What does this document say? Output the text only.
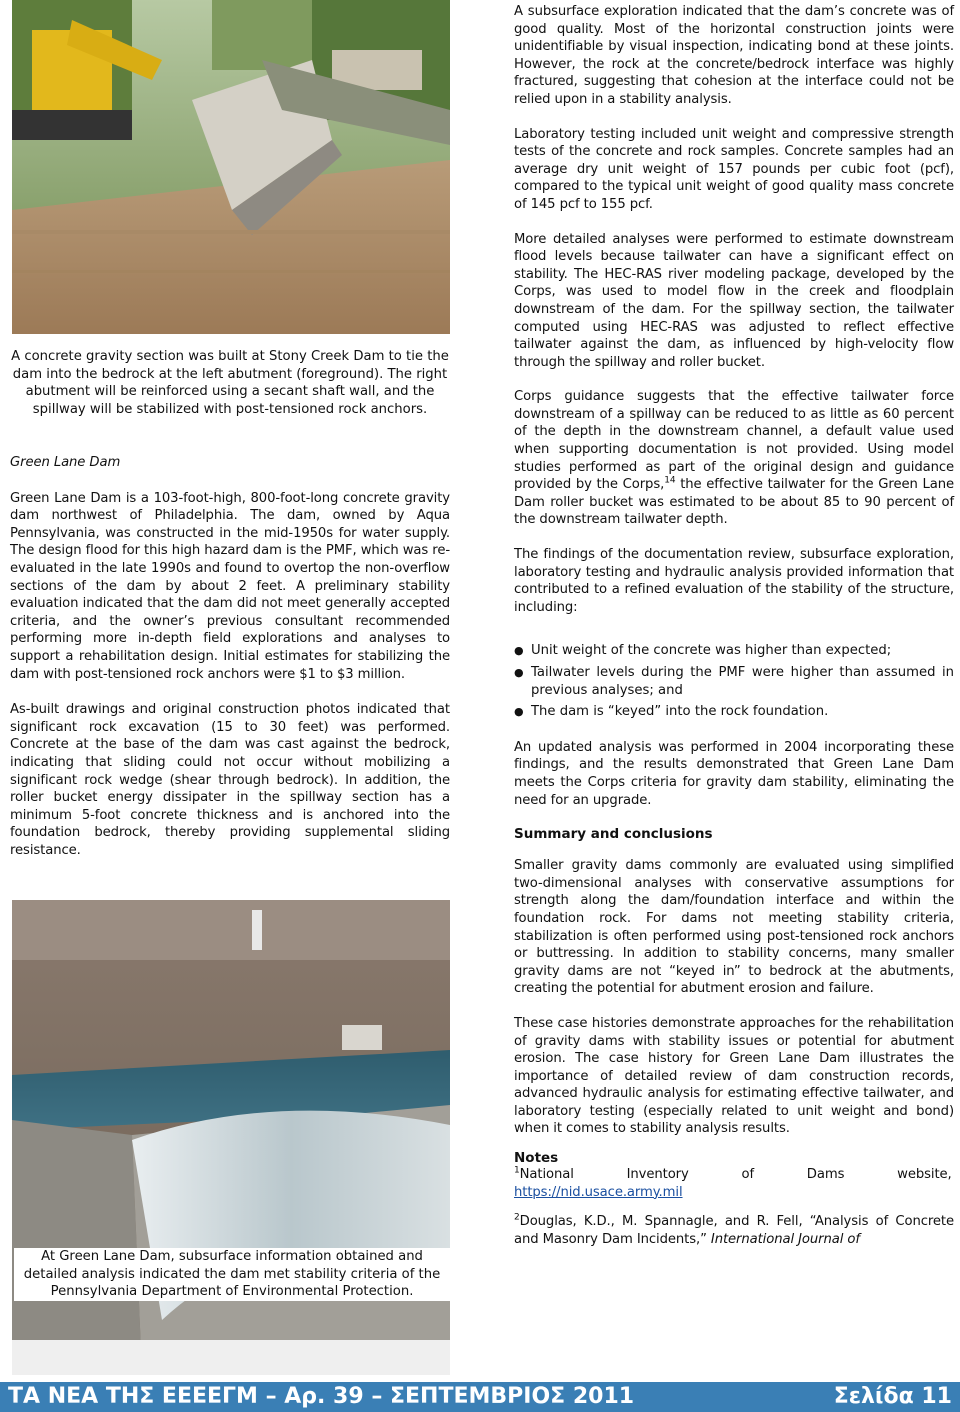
A concrete gravity section was built at Stony Creek Dam to tie the dam into the bedrock at the left abutment (foreground). The right abutment will be reinforced using a secant shaft wall, and the spillway will be stabilized with post-tensioned rock anchors.

Green Lane Dam

Green Lane Dam is a 103-foot-high, 800-foot-long concrete gravity dam northwest of Philadelphia. The dam, owned by Aqua Pennsylvania, was constructed in the mid-1950s for water supply. The design flood for this high hazard dam is the PMF, which was re-evaluated in the late 1990s and found to overtop the non-overflow sections of the dam by about 2 feet. A preliminary stability evaluation indicated that the dam did not meet generally accepted criteria, and the owner’s previous consultant recommended performing more in-depth field explorations and analyses to support a rehabilitation design. Initial estimates for stabilizing the dam with post-tensioned rock anchors were $1 to $3 million.

As-built drawings and original construction photos indicated that significant rock excavation (15 to 30 feet) was performed. Concrete at the base of the dam was cast against the bedrock, indicating that sliding could not occur without mobilizing a significant rock wedge (shear through bedrock). In addition, the roller bucket energy dissipater in the spillway section has a minimum 5-foot concrete thickness and is anchored into the foundation bedrock, thereby providing supplemental sliding resistance.

At Green Lane Dam, subsurface information obtained and detailed analysis indicated the dam met stability criteria of the Pennsylvania Department of Environmental Protection.

A subsurface exploration indicated that the dam’s concrete was of good quality. Most of the horizontal construction joints were unidentifiable by visual inspection, indicating bond at these joints. However, the rock at the concrete/bedrock interface was highly fractured, suggesting that cohesion at the interface could not be relied upon in a stability analysis.

Laboratory testing included unit weight and compressive strength tests of the concrete and rock samples. Concrete samples had an average dry unit weight of 157 pounds per cubic foot (pcf), compared to the typical unit weight of good quality mass concrete of 145 pcf to 155 pcf.

More detailed analyses were performed to estimate downstream flood levels because tailwater can have a significant effect on stability. The HEC-RAS river modeling package, developed by the Corps, was used to model flow in the creek and floodplain downstream of the dam. For the spillway section, the tailwater computed using HEC-RAS was adjusted to reflect effective tailwater against the dam, as influenced by high-velocity flow through the spillway and roller bucket.

Corps guidance suggests that the effective tailwater force downstream of a spillway can be reduced to as little as 60 percent of the depth in the downstream channel, a default value used when supporting documentation is not provided. Using model studies performed as part of the original design and guidance provided by the Corps,$^{14}$ the effective tailwater for the Green Lane Dam roller bucket was estimated to be about 85 to 90 percent of the downstream tailwater depth.

The findings of the documentation review, subsurface exploration, laboratory testing and hydraulic analysis provided information that contributed to a refined evaluation of the stability of the structure, including:

● Unit weight of the concrete was higher than expected;
● Tailwater levels during the PMF were higher than assumed in previous analyses; and
● The dam is “keyed” into the rock foundation.

An updated analysis was performed in 2004 incorporating these findings, and the results demonstrated that Green Lane Dam meets the Corps criteria for gravity dam stability, eliminating the need for an upgrade.

Summary and conclusions

Smaller gravity dams commonly are evaluated using simplified two-dimensional analyses with conservative assumptions for strength along the dam/foundation interface and within the foundation rock. For dams not meeting stability criteria, stabilization is often performed using post-tensioned rock anchors or buttressing. In addition to stability concerns, many smaller gravity dams are not “keyed in” to bedrock at the abutments, creating the potential for abutment erosion and failure.

These case histories demonstrate approaches for the rehabilitation of gravity dams with stability issues or potential for abutment erosion. The case history for Green Lane Dam illustrates the importance of detailed review of dam construction records, advanced hydraulic analysis for estimating effective tailwater, and laboratory testing (especially related to unit weight and bond) when it comes to stability analysis results.

Notes

$^1$National Inventory of Dams website,
https://nid.usace.army.mil

$^2$Douglas, K.D., M. Spannagle, and R. Fell, “Analysis of Concrete and Masonry Dam Incidents,” International Journal of

ΤΑ ΝΕΑ ΤΗΣ ΕΕΕΕΓΜ – Αρ. 39 – ΣΕΠΤΕΜΒΡΙΟΣ 2011	Σελίδα 11
